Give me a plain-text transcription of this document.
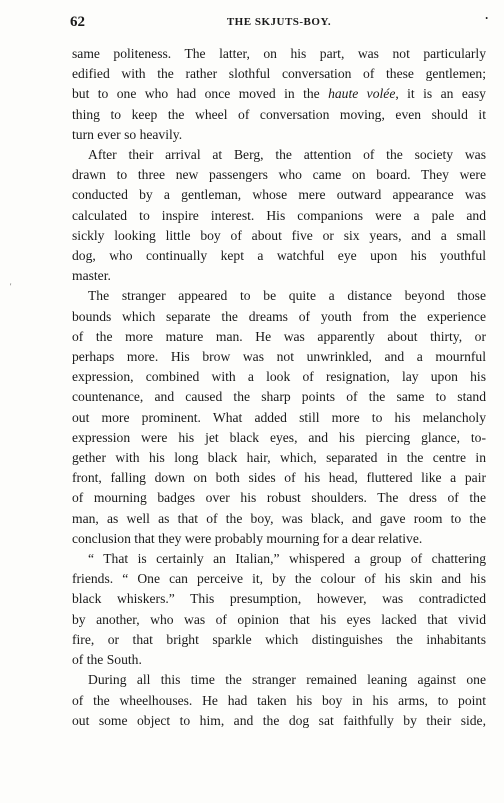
62	THE SKJUTS-BOY.	•
'
same politeness. The latter, on his part, was not particularly
edified with the rather slothful conversation of these gentlemen;
but to one who had once moved in the haute volée, it is an easy
thing to keep the wheel of conversation moving, even should it
turn ever so heavily.
After their arrival at Berg, the attention of the society was
drawn to three new passengers who came on board. They were
conducted by a gentleman, whose mere outward appearance was
calculated to inspire interest. His companions were a pale and
sickly looking little boy of about five or six years, and a small
dog, who continually kept a watchful eye upon his youthful
master.
The stranger appeared to be quite a distance beyond those
bounds which separate the dreams of youth from the experience
of the more mature man. He was apparently about thirty, or
perhaps more. His brow was not unwrinkled, and a mournful
expression, combined with a look of resignation, lay upon his
countenance, and caused the sharp points of the same to stand
out more prominent. What added still more to his melancholy
expression were his jet black eyes, and his piercing glance, to-
gether with his long black hair, which, separated in the centre in
front, falling down on both sides of his head, fluttered like a pair
of mourning badges over his robust shoulders. The dress of the
man, as well as that of the boy, was black, and gave room to the
conclusion that they were probably mourning for a dear relative.
“ That is certainly an Italian,” whispered a group of chattering
friends. “ One can perceive it, by the colour of his skin and his
black whiskers.” This presumption, however, was contradicted
by another, who was of opinion that his eyes lacked that vivid
fire, or that bright sparkle which distinguishes the inhabitants
of the South.
During all this time the stranger remained leaning against one
of the wheelhouses. He had taken his boy in his arms, to point
out some object to him, and the dog sat faithfully by their side,
